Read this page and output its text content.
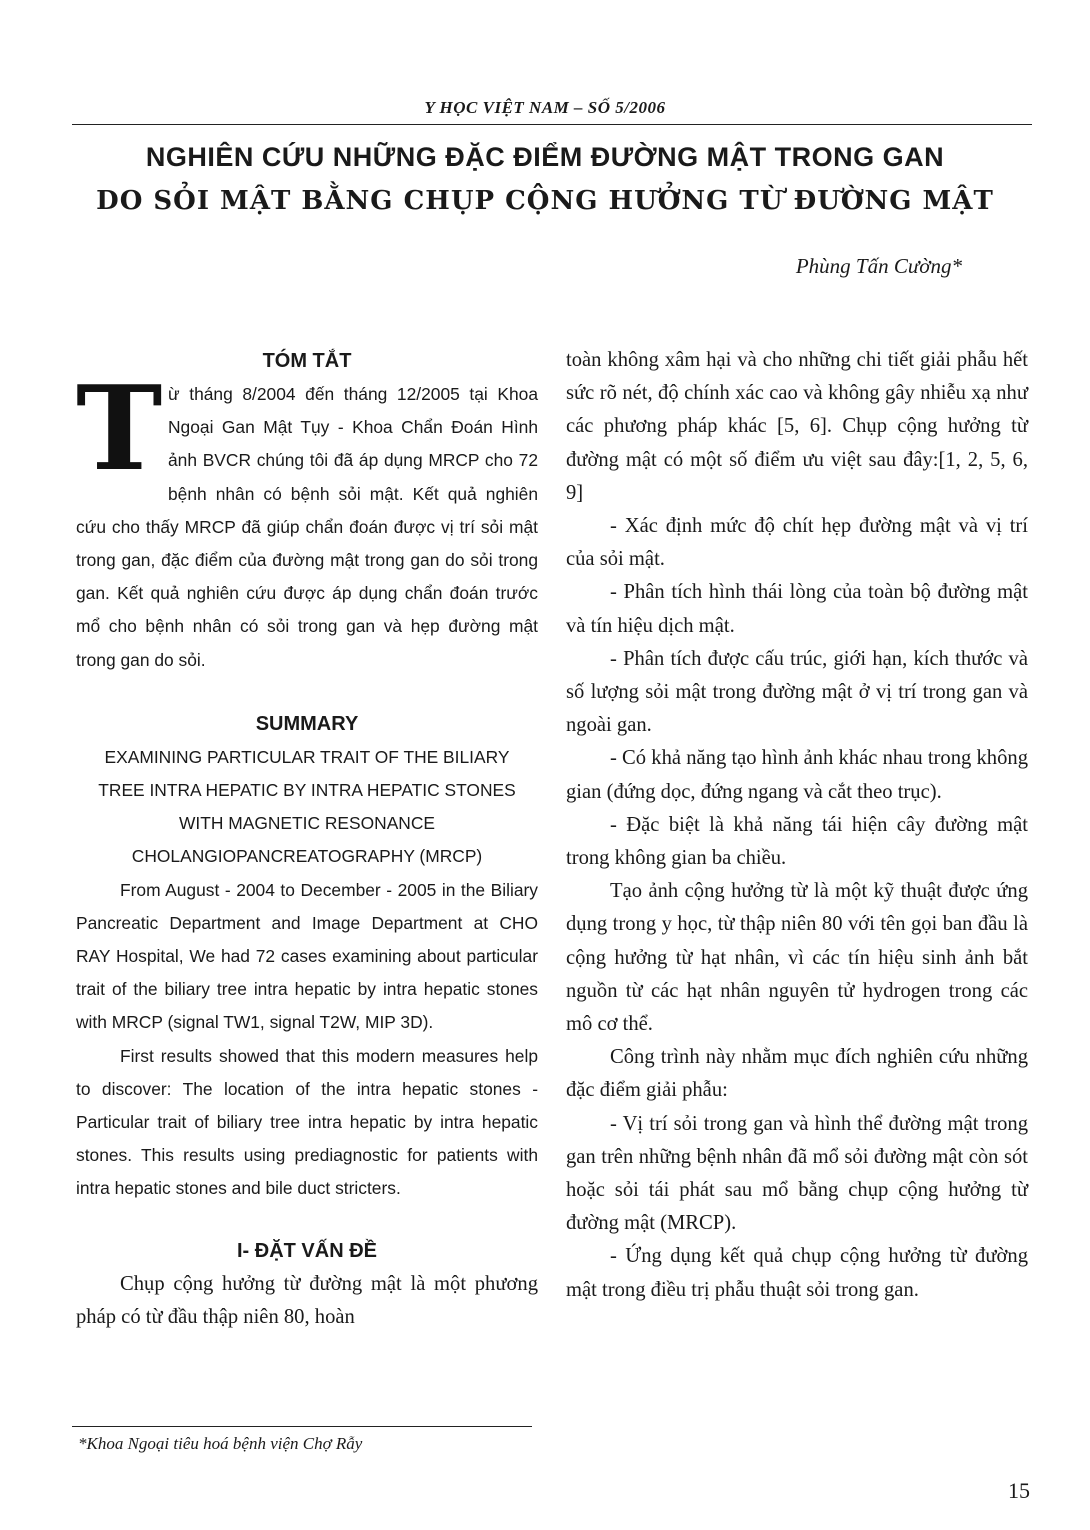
Y HỌC VIỆT NAM – SỐ 5/2006
NGHIÊN CỨU NHỮNG ĐẶC ĐIỂM ĐƯỜNG MẬT TRONG GAN
DO SỎI MẬT BẰNG CHỤP CỘNG HƯỞNG TỪ ĐƯỜNG MẬT
Phùng Tấn Cường*
TÓM TẮT

T ừ tháng 8/2004 đến tháng 12/2005 tại Khoa Ngoại Gan Mật Tụy - Khoa Chẩn Đoán Hình ảnh BVCR chúng tôi đã áp dụng MRCP cho 72 bệnh nhân có bệnh sỏi mật. Kết quả nghiên cứu cho thấy MRCP đã giúp chẩn đoán được vị trí sỏi mật trong gan, đặc điểm của đường mật trong gan do sỏi trong gan. Kết quả nghiên cứu được áp dụng chẩn đoán trước mổ cho bệnh nhân có sỏi trong gan và hẹp đường mật trong gan do sỏi.

SUMMARY

EXAMINING PARTICULAR TRAIT OF THE BILIARY

TREE INTRA HEPATIC BY INTRA HEPATIC STONES

WITH MAGNETIC RESONANCE

CHOLANGIOPANCREATOGRAPHY (MRCP)

From August - 2004 to December - 2005 in the Biliary Pancreatic Department and Image Department at CHO RAY Hospital, We had 72 cases examining about particular trait of the biliary tree intra hepatic by intra hepatic stones with MRCP (signal TW1, signal T2W, MIP 3D).

First results showed that this modern measures help to discover: The location of the intra hepatic stones - Particular trait of biliary tree intra hepatic by intra hepatic stones. This results using prediagnostic for patients with intra hepatic stones and bile duct stricters.

I- ĐẶT VẤN ĐỀ

Chụp cộng hưởng từ đường mật là một phương pháp có từ đầu thập niên 80, hoàn

toàn không xâm hại và cho những chi tiết giải phẫu hết sức rõ nét, độ chính xác cao và không gây nhiễu xạ như các phương pháp khác [5, 6]. Chụp cộng hưởng từ đường mật có một số điểm ưu việt sau đây:[1, 2, 5, 6, 9]

- Xác định mức độ chít hẹp đường mật và vị trí của sỏi mật.

- Phân tích hình thái lòng của toàn bộ đường mật và tín hiệu dịch mật.

- Phân tích được cấu trúc, giới hạn, kích thước và số lượng sỏi mật trong đường mật ở vị trí trong gan và ngoài gan.

- Có khả năng tạo hình ảnh khác nhau trong không gian (đứng dọc, đứng ngang và cắt theo trục).

- Đặc biệt là khả năng tái hiện cây đường mật trong không gian ba chiều.

Tạo ảnh cộng hưởng từ là một kỹ thuật được ứng dụng trong y học, từ thập niên 80 với tên gọi ban đầu là cộng hưởng từ hạt nhân, vì các tín hiệu sinh ảnh bắt nguồn từ các hạt nhân nguyên tử hydrogen trong các mô cơ thể.

Công trình này nhằm mục đích nghiên cứu những đặc điểm giải phẫu:

- Vị trí sỏi trong gan và hình thể đường mật trong gan trên những bệnh nhân đã mổ sỏi đường mật còn sót hoặc sỏi tái phát sau mổ bằng chụp cộng hưởng từ đường mật (MRCP).

- Ứng dụng kết quả chụp cộng hưởng từ đường mật trong điều trị phẫu thuật sỏi trong gan.

*Khoa Ngoại tiêu hoá bệnh viện Chợ Rẫy
15
